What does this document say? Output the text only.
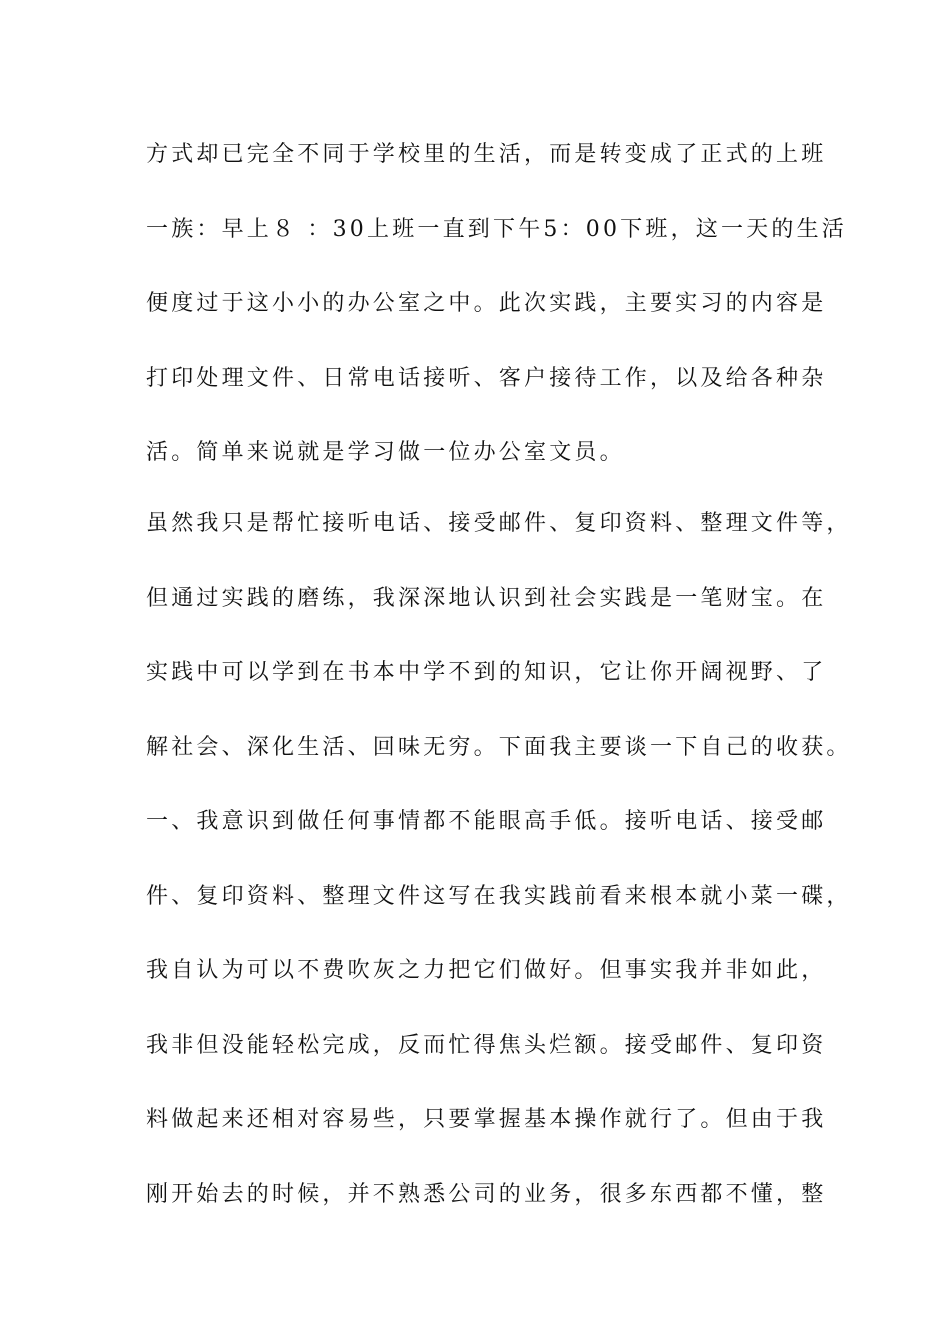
方式却已完全不同于学校里的生活，而是转变成了正式的上班
一族：早上８ ：30上班一直到下午5：00下班，这一天的生活
便度过于这小小的办公室之中。此次实践，主要实习的内容是
打印处理文件、日常电话接听、客户接待工作，以及给各种杂
活。简单来说就是学习做一位办公室文员。
虽然我只是帮忙接听电话、接受邮件、复印资料、整理文件等，
但通过实践的磨练，我深深地认识到社会实践是一笔财宝。在
实践中可以学到在书本中学不到的知识，它让你开阔视野、了
解社会、深化生活、回味无穷。下面我主要谈一下自己的收获。
一、我意识到做任何事情都不能眼高手低。接听电话、接受邮
件、复印资料、整理文件这写在我实践前看来根本就小菜一碟，
我自认为可以不费吹灰之力把它们做好。但事实我并非如此，
我非但没能轻松完成，反而忙得焦头烂额。接受邮件、复印资
料做起来还相对容易些，只要掌握基本操作就行了。但由于我
刚开始去的时候，并不熟悉公司的业务，很多东西都不懂，整
